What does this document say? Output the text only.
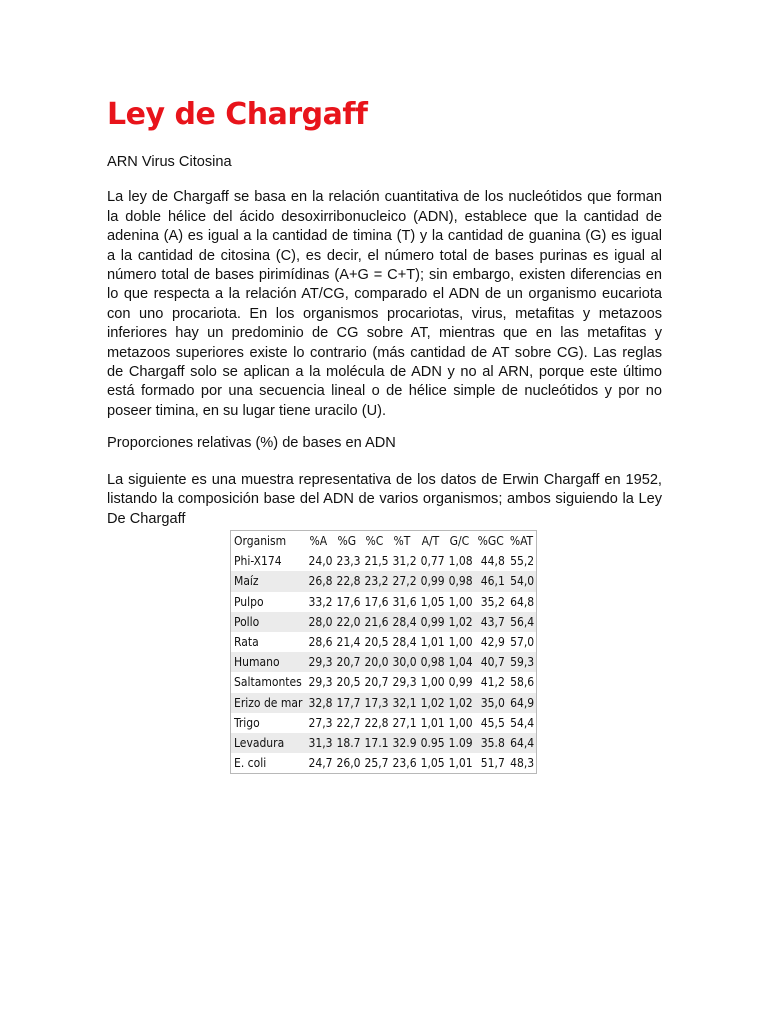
Ley de Chargaff

ARN Virus Citosina

La ley de Chargaff se basa en la relación cuantitativa de los nucleótidos que forman la doble hélice del ácido desoxirribonucleico (ADN), establece que la cantidad de adenina (A) es igual a la cantidad de timina (T) y la cantidad de guanina (G) es igual a la cantidad de citosina (C), es decir, el número total de bases purinas es igual al número total de bases pirimídinas (A+G = C+T); sin embargo, existen diferencias en lo que respecta a la relación AT/CG, comparado el ADN de un organismo eucariota con uno procariota. En los organismos procariotas, virus, metafitas y metazoos inferiores hay un predominio de CG sobre AT, mientras que en las metafitas y metazoos superiores existe lo contrario (más cantidad de AT sobre CG). Las reglas de Chargaff solo se aplican a la molécula de ADN y no al ARN, porque este último está formado por una secuencia lineal o de hélice simple de nucleótidos y por no poseer timina, en su lugar tiene uracilo (U).

Proporciones relativas (%) de bases en ADN

La siguiente es una muestra representativa de los datos de Erwin Chargaff en 1952, listando la composición base del ADN de varios organismos; ambos siguiendo la Ley De Chargaff

Organism	%A	%G	%C	%T	A/T	G/C	%GC	%AT
Phi-X174	24,0	23,3	21,5	31,2	0,77	1,08	44,8	55,2
Maíz	26,8	22,8	23,2	27,2	0,99	0,98	46,1	54,0
Pulpo	33,2	17,6	17,6	31,6	1,05	1,00	35,2	64,8
Pollo	28,0	22,0	21,6	28,4	0,99	1,02	43,7	56,4
Rata	28,6	21,4	20,5	28,4	1,01	1,00	42,9	57,0
Humano	29,3	20,7	20,0	30,0	0,98	1,04	40,7	59,3
Saltamontes	29,3	20,5	20,7	29,3	1,00	0,99	41,2	58,6
Erizo de mar	32,8	17,7	17,3	32,1	1,02	1,02	35,0	64,9
Trigo	27,3	22,7	22,8	27,1	1,01	1,00	45,5	54,4
Levadura	31,3	18.7	17.1	32.9	0.95	1.09	35.8	64,4
E. coli	24,7	26,0	25,7	23,6	1,05	1,01	51,7	48,3
